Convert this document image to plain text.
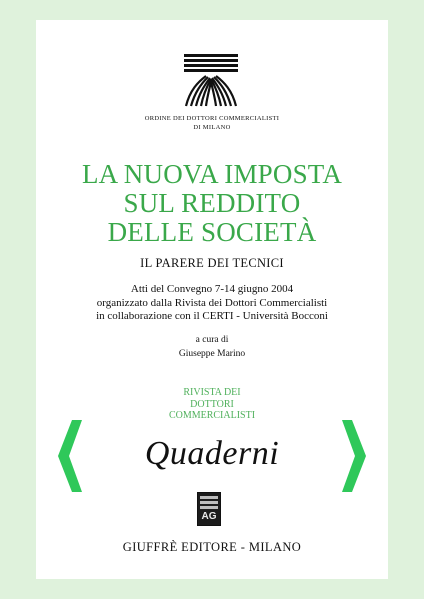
ORDINE DEI DOTTORI COMMERCIALISTI
DI MILANO
LA NUOVA IMPOSTA
SUL REDDITO
DELLE SOCIETÀ
IL PARERE DEI TECNICI
Atti del Convegno 7-14 giugno 2004
organizzato dalla Rivista dei Dottori Commercialisti
in collaborazione con il CERTI - Università Bocconi
a cura di
Giuseppe Marino
RIVISTA DEI
DOTTORI
COMMERCIALISTI
Quaderni
AG
GIUFFRÈ EDITORE - MILANO
